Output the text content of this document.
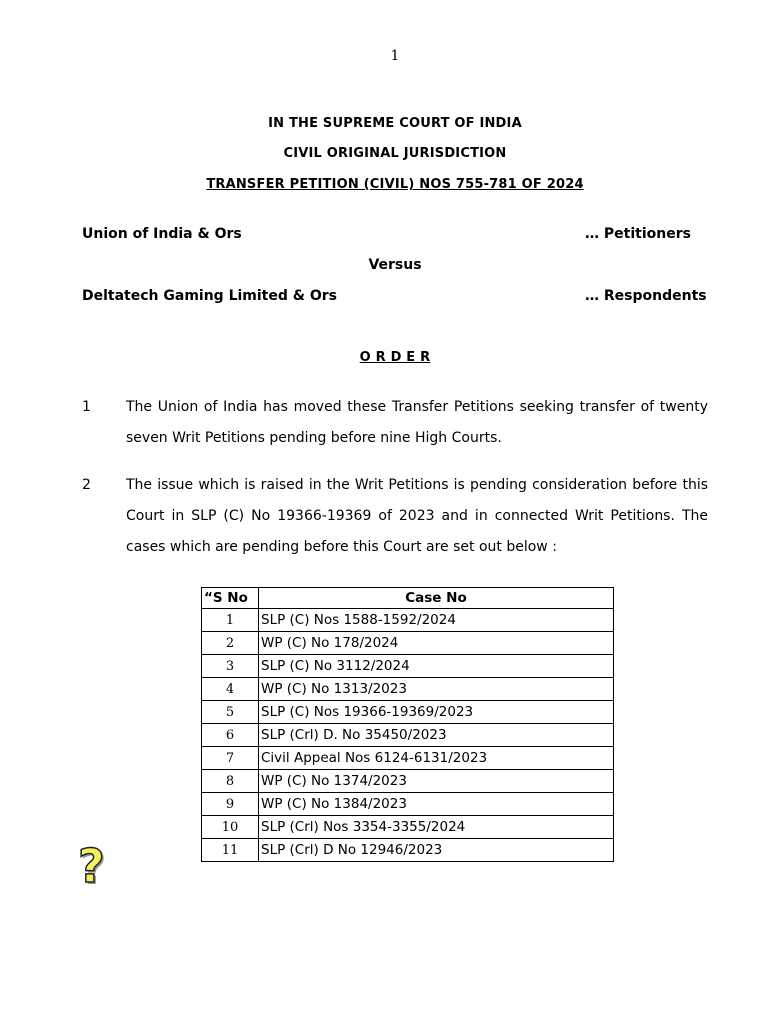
1
IN THE SUPREME COURT OF INDIA
CIVIL ORIGINAL JURISDICTION
TRANSFER PETITION (CIVIL) NOS 755-781 OF 2024
Union of India & Ors	… Petitioners
Versus
Deltatech Gaming Limited & Ors	… Respondents
O R D E R
1	The Union of India has moved these Transfer Petitions seeking transfer of twenty seven Writ Petitions pending before nine High Courts.
2	The issue which is raised in the Writ Petitions is pending consideration before this Court in SLP (C) No 19366-19369 of 2023 and in connected Writ Petitions. The cases which are pending before this Court are set out below :
“S No	Case No
1	SLP (C) Nos 1588-1592/2024
2	WP (C) No 178/2024
3	SLP (C) No 3112/2024
4	WP (C) No 1313/2023
5	SLP (C) Nos 19366-19369/2023
6	SLP (Crl) D. No 35450/2023
7	Civil Appeal Nos 6124-6131/2023
8	WP (C) No 1374/2023
9	WP (C) No 1384/2023
10	SLP (Crl) Nos 3354-3355/2024
11	SLP (Crl) D No 12946/2023
?
